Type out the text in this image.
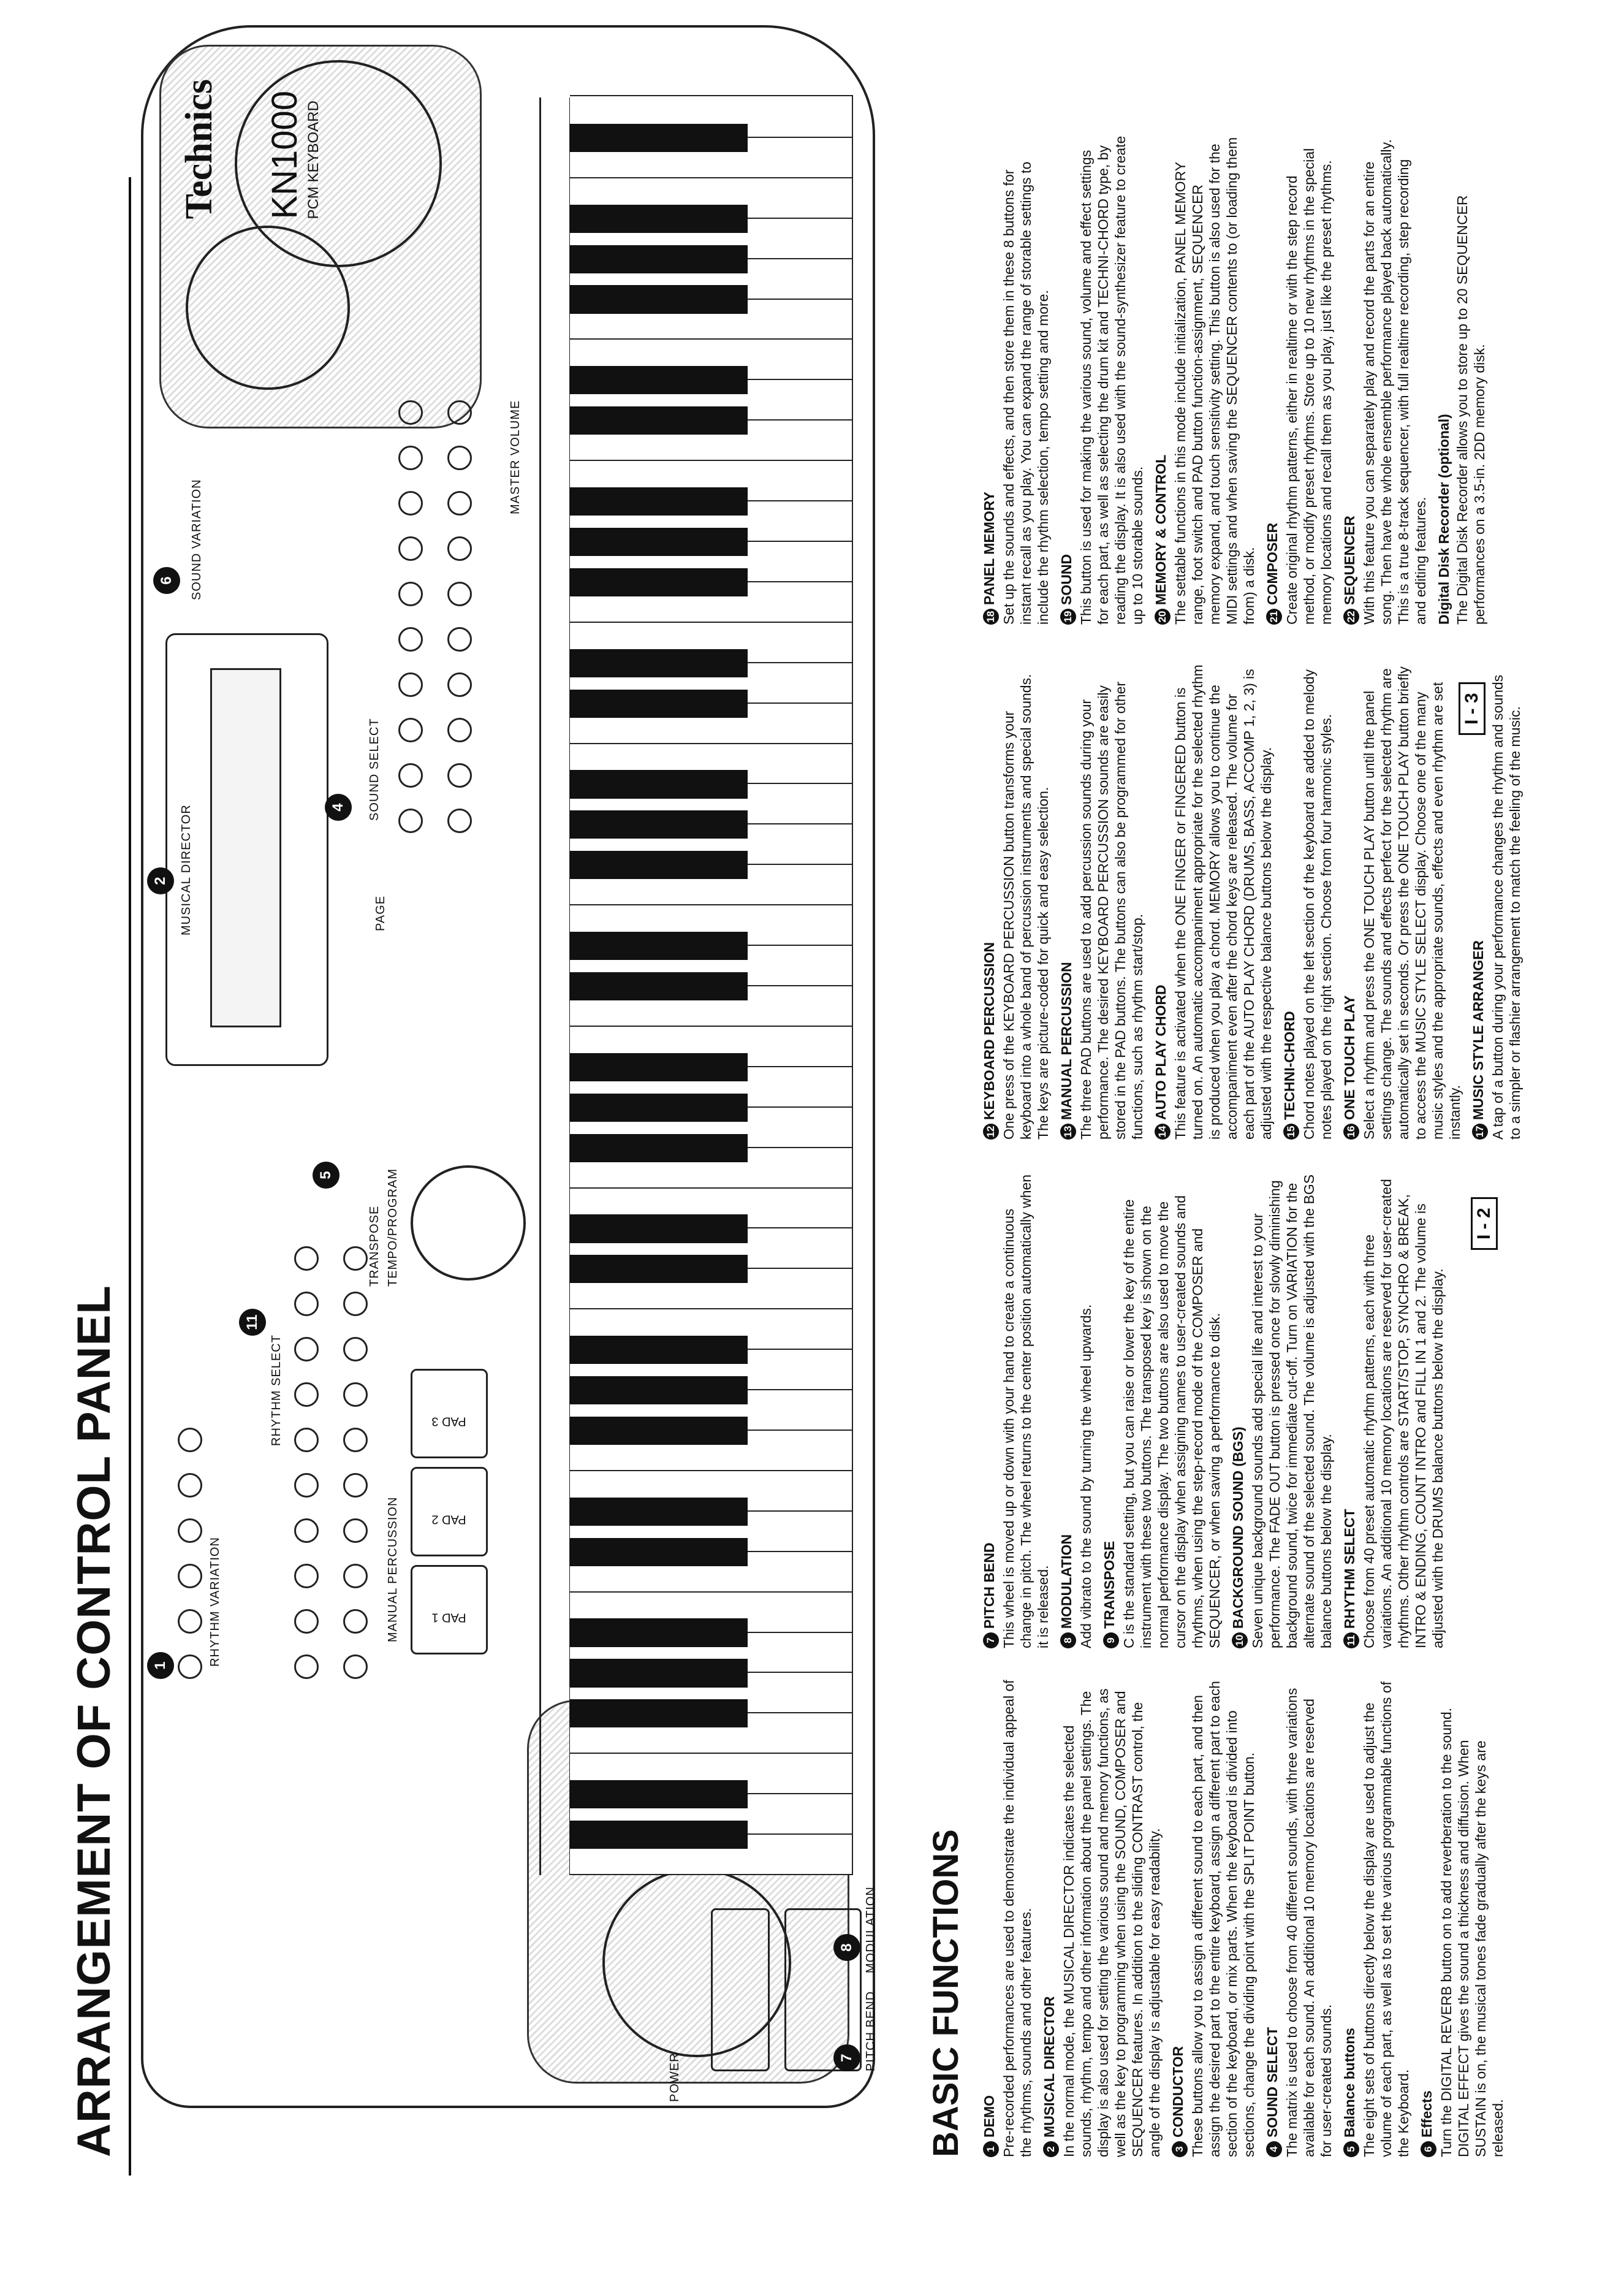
ARRANGEMENT OF CONTROL PANEL
MUSICAL DIRECTOR
Technics KN1000 PCM KEYBOARD
RHYTHM VARIATION
RHYTHM SELECT
MANUAL PERCUSSION	PAD 1
PAD 2
PAD 3
SOUND SELECT
TEMPO/PROGRAM
TRANSPOSE
PAGE
SOUND VARIATION
MASTER VOLUME
PITCH BEND
MODULATION
POWER
1
2
5
6
7
8
11
4
BASIC FUNCTIONS	1DEMO Pre-recorded performances are used to demonstrate the individual appeal of the rhythms, sounds and other features.	2MUSICAL DIRECTOR In the normal mode, the MUSICAL DIRECTOR indicates the selected sounds, rhythm, tempo and other information about the panel settings. The display is also used for setting the various sound and memory functions, as well as the key to programming when using the SOUND, COMPOSER and SEQUENCER features. In addition to the sliding CONTRAST control, the angle of the display is adjustable for easy readability.	3CONDUCTOR These buttons allow you to assign a different sound to each part, and then assign the desired part to the entire keyboard, assign a different part to each section of the keyboard, or mix parts. When the keyboard is divided into sections, change the dividing point with the SPLIT POINT button.	4SOUND SELECT The matrix is used to choose from 40 different sounds, with three variations available for each sound. An additional 10 memory locations are reserved for user-created sounds.	5Balance buttons The eight sets of buttons directly below the display are used to adjust the volume of each part, as well as to set the various programmable functions of the Keyboard.	6Effects Turn the DIGITAL REVERB button on to add reverberation to the sound. DIGITAL EFFECT gives the sound a thickness and diffusion. When SUSTAIN is on, the musical tones fade gradually after the keys are released.

7PITCH BEND This wheel is moved up or down with your hand to create a continuous change in pitch. The wheel returns to the center position automatically when it is released.	8MODULATION Add vibrato to the sound by turning the wheel upwards.	9TRANSPOSE C is the standard setting, but you can raise or lower the key of the entire instrument with these two buttons. The transposed key is shown on the normal performance display. The two buttons are also used to move the cursor on the display when assigning names to user-created sounds and rhythms, when using the step-record mode of the COMPOSER and SEQUENCER, or when saving a performance to disk.	10BACKGROUND SOUND (BGS) Seven unique background sounds add special life and interest to your performance. The FADE OUT button is pressed once for slowly diminishing background sound, twice for immediate cut-off. Turn on VARIATION for the alternate sound of the selected sound. The volume is adjusted with the BGS balance buttons below the display.	11RHYTHM SELECT Choose from 40 preset automatic rhythm patterns, each with three variations. An additional 10 memory locations are reserved for user-created rhythms. Other rhythm controls are START/STOP, SYNCHRO & BREAK, INTRO & ENDING, COUNT INTRO and FILL IN 1 and 2. The volume is adjusted with the DRUMS balance buttons below the display.

12KEYBOARD PERCUSSION One press of the KEYBOARD PERCUSSION button transforms your keyboard into a whole band of percussion instruments and special sounds. The keys are picture-coded for quick and easy selection.	13MANUAL PERCUSSION The three PAD buttons are used to add percussion sounds during your performance. The desired KEYBOARD PERCUSSION sounds are easily stored in the PAD buttons. The buttons can also be programmed for other functions, such as rhythm start/stop.	14AUTO PLAY CHORD This feature is activated when the ONE FINGER or FINGERED button is turned on. An automatic accompaniment appropriate for the selected rhythm is produced when you play a chord. MEMORY allows you to continue the accompaniment even after the chord keys are released. The volume for each part of the AUTO PLAY CHORD (DRUMS, BASS, ACCOMP 1, 2, 3) is adjusted with the respective balance buttons below the display.	15TECHNI-CHORD Chord notes played on the left section of the keyboard are added to melody notes played on the right section. Choose from four harmonic styles.	16ONE TOUCH PLAY Select a rhythm and press the ONE TOUCH PLAY button until the panel settings change. The sounds and effects perfect for the selected rhythm are automatically set in seconds. Or press the ONE TOUCH PLAY button briefly to access the MUSIC STYLE SELECT display. Choose one of the many music styles and the appropriate sounds, effects and even rhythm are set instantly.	17MUSIC STYLE ARRANGER A tap of a button during your performance changes the rhythm and sounds to a simpler or flashier arrangement to match the feeling of the music.

18PANEL MEMORY Set up the sounds and effects, and then store them in these 8 buttons for instant recall as you play. You can expand the range of storable settings to include the rhythm selection, tempo setting and more.	19SOUND This button is used for making the various sound, volume and effect settings for each part, as well as selecting the drum kit and TECHNI-CHORD type, by reading the display. It is also used with the sound-synthesizer feature to create up to 10 storable sounds.	20MEMORY & CONTROL The settable functions in this mode include initialization, PANEL MEMORY range, foot switch and PAD button function-assignment, SEQUENCER memory expand, and touch sensitivity setting. This button is also used for the MIDI settings and when saving the SEQUENCER contents to (or loading them from) a disk.	21COMPOSER Create original rhythm patterns, either in realtime or with the step record method, or modify preset rhythms. Store up to 10 new rhythms in the special memory locations and recall them as you play, just like the preset rhythms.	22SEQUENCER With this feature you can separately play and record the parts for an entire song. Then have the whole ensemble performance played back automatically. This is a true 8-track sequencer, with full realtime recording, step recording and editing features. Digital Disk Recorder (optional) The Digital Disk Recorder allows you to store up to 20 SEQUENCER performances on a 3.5-in. 2DD memory disk.

I - 2
I - 3
